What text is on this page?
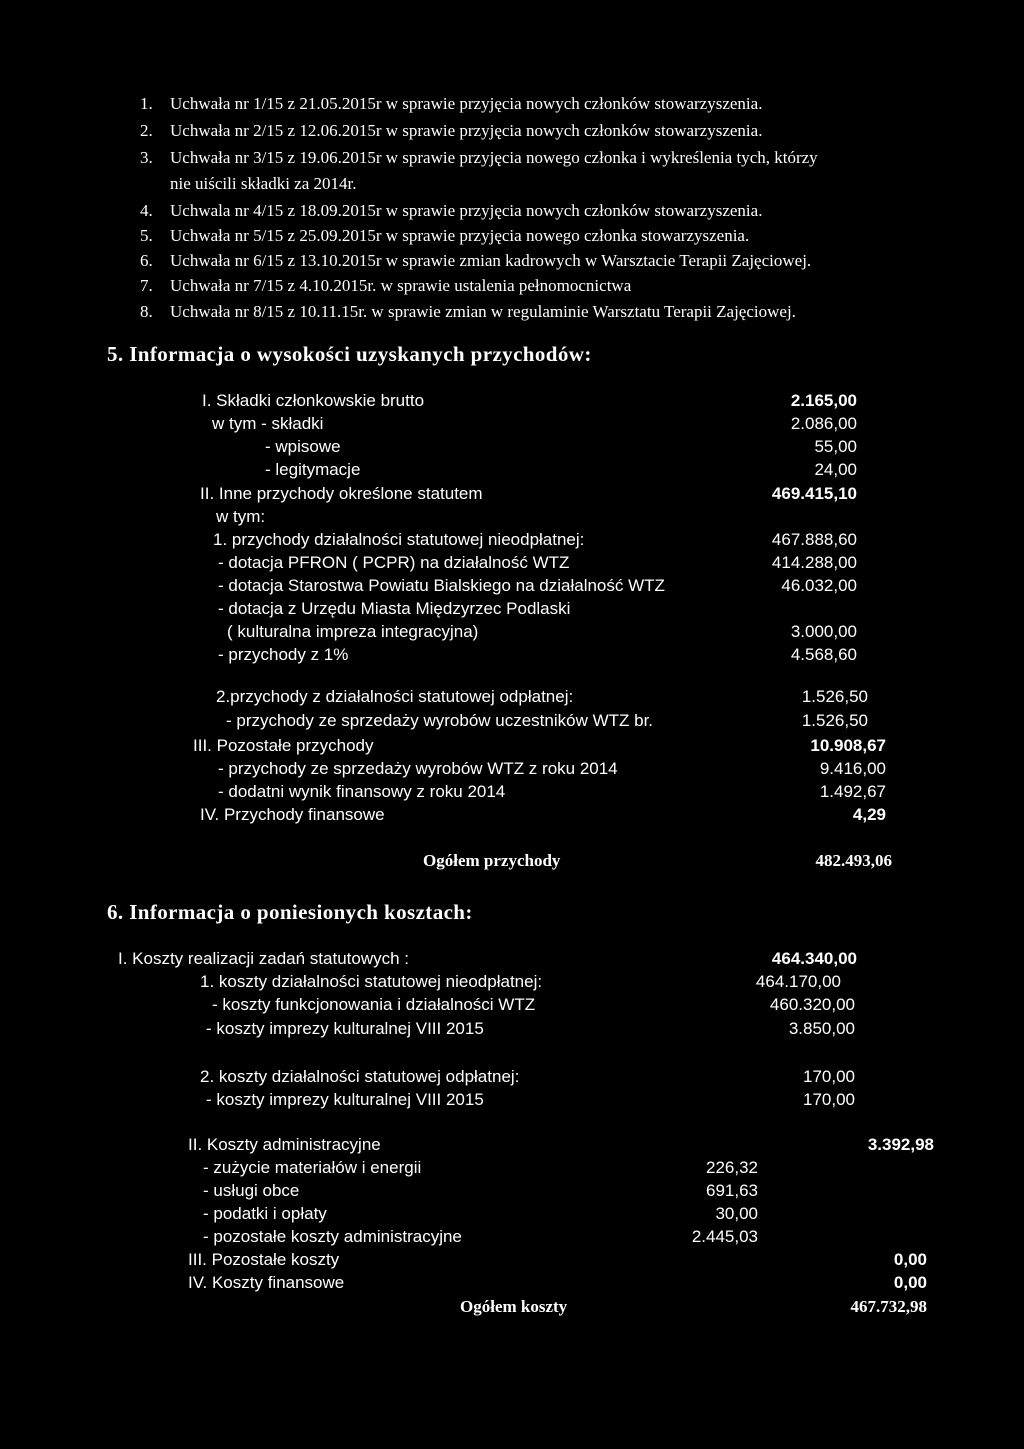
1. Uchwała nr 1/15 z 21.05.2015r w sprawie przyjęcia nowych członków stowarzyszenia.
2. Uchwała nr 2/15 z 12.06.2015r w sprawie przyjęcia nowych członków stowarzyszenia.
3. Uchwała nr 3/15 z 19.06.2015r w sprawie przyjęcia nowego członka i wykreślenia tych, którzy
nie uiścili składki za 2014r.
4. Uchwala nr 4/15 z 18.09.2015r w sprawie przyjęcia nowych członków stowarzyszenia.
5. Uchwała nr 5/15 z 25.09.2015r w sprawie przyjęcia nowego członka stowarzyszenia.
6. Uchwała nr 6/15 z 13.10.2015r w sprawie zmian kadrowych w Warsztacie Terapii Zajęciowej.
7. Uchwała nr 7/15 z 4.10.2015r. w sprawie ustalenia pełnomocnictwa
8. Uchwała nr 8/15 z 10.11.15r. w sprawie zmian w regulaminie Warsztatu Terapii Zajęciowej.
5. Informacja o wysokości uzyskanych przychodów:
I. Składki członkowskie brutto	2.165,00
w tym - składki	2.086,00
- wpisowe	55,00
- legitymacje	24,00
II. Inne przychody określone statutem	469.415,10
w tym:
1. przychody działalności statutowej nieodpłatnej:	467.888,60
- dotacja PFRON ( PCPR) na działalność WTZ	414.288,00
- dotacja Starostwa Powiatu Bialskiego na działalność WTZ	46.032,00
- dotacja z Urzędu Miasta Międzyrzec Podlaski
( kulturalna impreza integracyjna)	3.000,00
- przychody z 1%	4.568,60
2.przychody z działalności statutowej odpłatnej:	1.526,50
- przychody ze sprzedaży wyrobów uczestników WTZ br.	1.526,50
III. Pozostałe przychody	10.908,67
- przychody ze sprzedaży wyrobów WTZ z roku 2014	9.416,00
- dodatni wynik finansowy z roku 2014	1.492,67
IV. Przychody finansowe	4,29
Ogółem przychody	482.493,06
6. Informacja o poniesionych kosztach:
I. Koszty realizacji zadań statutowych :	464.340,00
1. koszty działalności statutowej nieodpłatnej:	464.170,00
- koszty funkcjonowania i działalności WTZ	460.320,00
- koszty imprezy kulturalnej VIII 2015	3.850,00
2. koszty działalności statutowej odpłatnej:	170,00
- koszty imprezy kulturalnej VIII 2015	170,00
II. Koszty administracyjne	3.392,98
- zużycie materiałów i energii	226,32
- usługi obce	691,63
- podatki i opłaty	30,00
- pozostałe koszty administracyjne	2.445,03
III. Pozostałe koszty	0,00
IV. Koszty finansowe	0,00
Ogółem koszty	467.732,98
